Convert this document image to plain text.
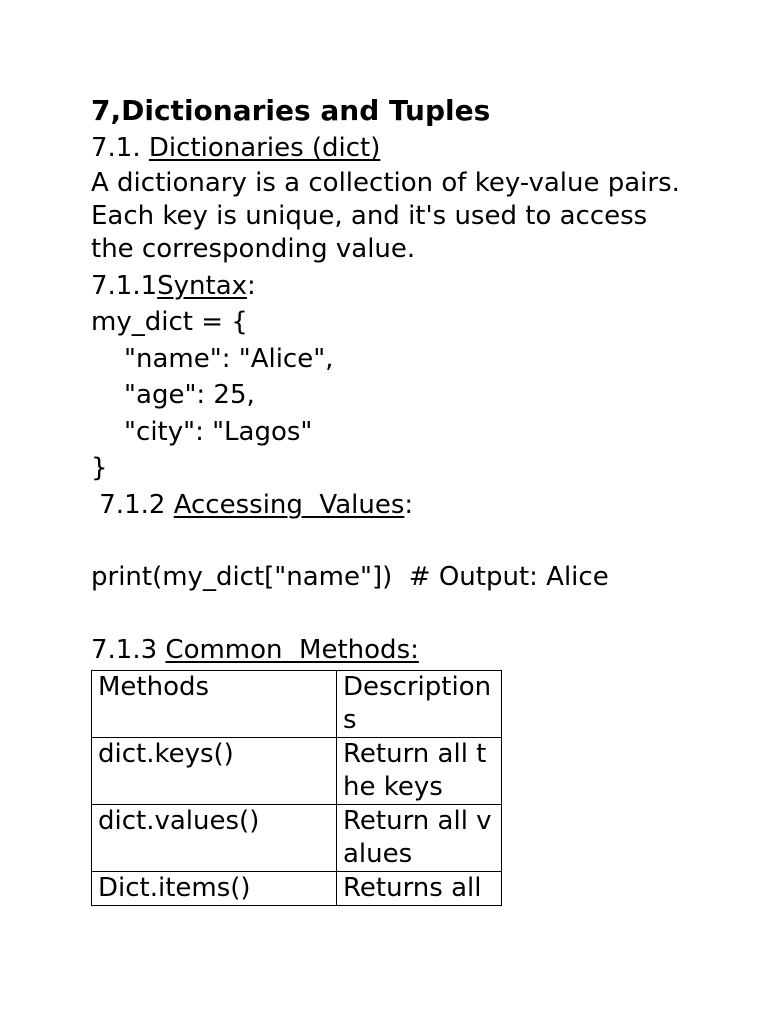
7,Dictionaries and Tuples

7.1. Dictionaries (dict)

A dictionary is a collection of key-value pairs. Each key is unique, and it's used to access the corresponding value.

7.1.1Syntax:

my_dict = {

"name": "Alice",

"age": 25,

"city": "Lagos"

}

7.1.2 Accessing  Values:

print(my_dict["name"])  # Output: Alice

7.1.3 Common  Methods:

Methods	Descriptions
dict.keys()	Return all the keys
dict.values()	Return all values
Dict.items()	Returns all
